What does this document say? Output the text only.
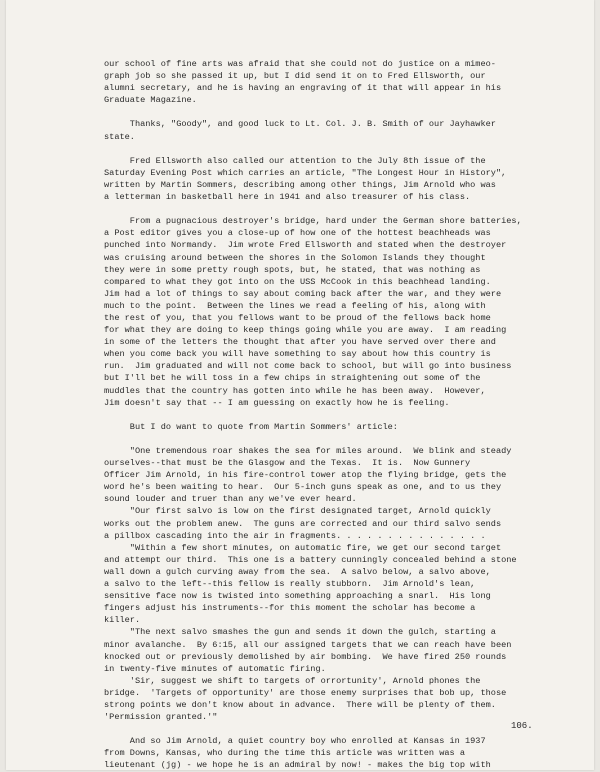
our school of fine arts was afraid that she could not do justice on a mimeo-
graph job so she passed it up, but I did send it on to Fred Ellsworth, our
alumni secretary, and he is having an engraving of it that will appear in his
Graduate Magazine.
Thanks, "Goody", and good luck to Lt. Col. J. B. Smith of our Jayhawker
state.
Fred Ellsworth also called our attention to the July 8th issue of the
Saturday Evening Post which carries an article, "The Longest Hour in History",
written by Martin Sommers, describing among other things, Jim Arnold who was
a letterman in basketball here in 1941 and also treasurer of his class.
From a pugnacious destroyer's bridge, hard under the German shore batteries,
a Post editor gives you a close-up of how one of the hottest beachheads was
punched into Normandy.  Jim wrote Fred Ellsworth and stated when the destroyer
was cruising around between the shores in the Solomon Islands they thought
they were in some pretty rough spots, but, he stated, that was nothing as
compared to what they got into on the USS McCook in this beachhead landing.
Jim had a lot of things to say about coming back after the war, and they were
much to the point.  Between the lines we read a feeling of his, along with
the rest of you, that you fellows want to be proud of the fellows back home
for what they are doing to keep things going while you are away.  I am reading
in some of the letters the thought that after you have served over there and
when you come back you will have something to say about how this country is
run.  Jim graduated and will not come back to school, but will go into business
but I'll bet he will toss in a few chips in straightening out some of the
muddles that the country has gotten into while he has been away.  However,
Jim doesn't say that -- I am guessing on exactly how he is feeling.
But I do want to quote from Martin Sommers' article:
"One tremendous roar shakes the sea for miles around.  We blink and steady
ourselves--that must be the Glasgow and the Texas.  It is.  Now Gunnery
Officer Jim Arnold, in his fire-control tower atop the flying bridge, gets the
word he's been waiting to hear.  Our 5-inch guns speak as one, and to us they
sound louder and truer than any we've ever heard.
"Our first salvo is low on the first designated target, Arnold quickly
works out the problem anew.  The guns are corrected and our third salvo sends
a pillbox cascading into the air in fragments. . . . . . . . . . . . . . .
"Within a few short minutes, on automatic fire, we get our second target
and attempt our third.  This one is a battery cunningly concealed behind a stone
wall down a gulch curving away from the sea.  A salvo below, a salvo above,
a salvo to the left--this fellow is really stubborn.  Jim Arnold's lean,
sensitive face now is twisted into something approaching a snarl.  His long
fingers adjust his instruments--for this moment the scholar has become a
killer.
"The next salvo smashes the gun and sends it down the gulch, starting a
minor avalanche.  By 6:15, all our assigned targets that we can reach have been
knocked out or previously demolished by air bombing.  We have fired 250 rounds
in twenty-five minutes of automatic firing.
'Sir, suggest we shift to targets of orrortunity', Arnold phones the
bridge.  'Targets of opportunity' are those enemy surprises that bob up, those
strong points we don't know about in advance.  There will be plenty of them.
'Permission granted.'"
And so Jim Arnold, a quiet country boy who enrolled at Kansas in 1937
from Downs, Kansas, who during the time this article was written was a
lieutenant (jg) - we hope he is an admiral by now! - makes the big top with
106.
